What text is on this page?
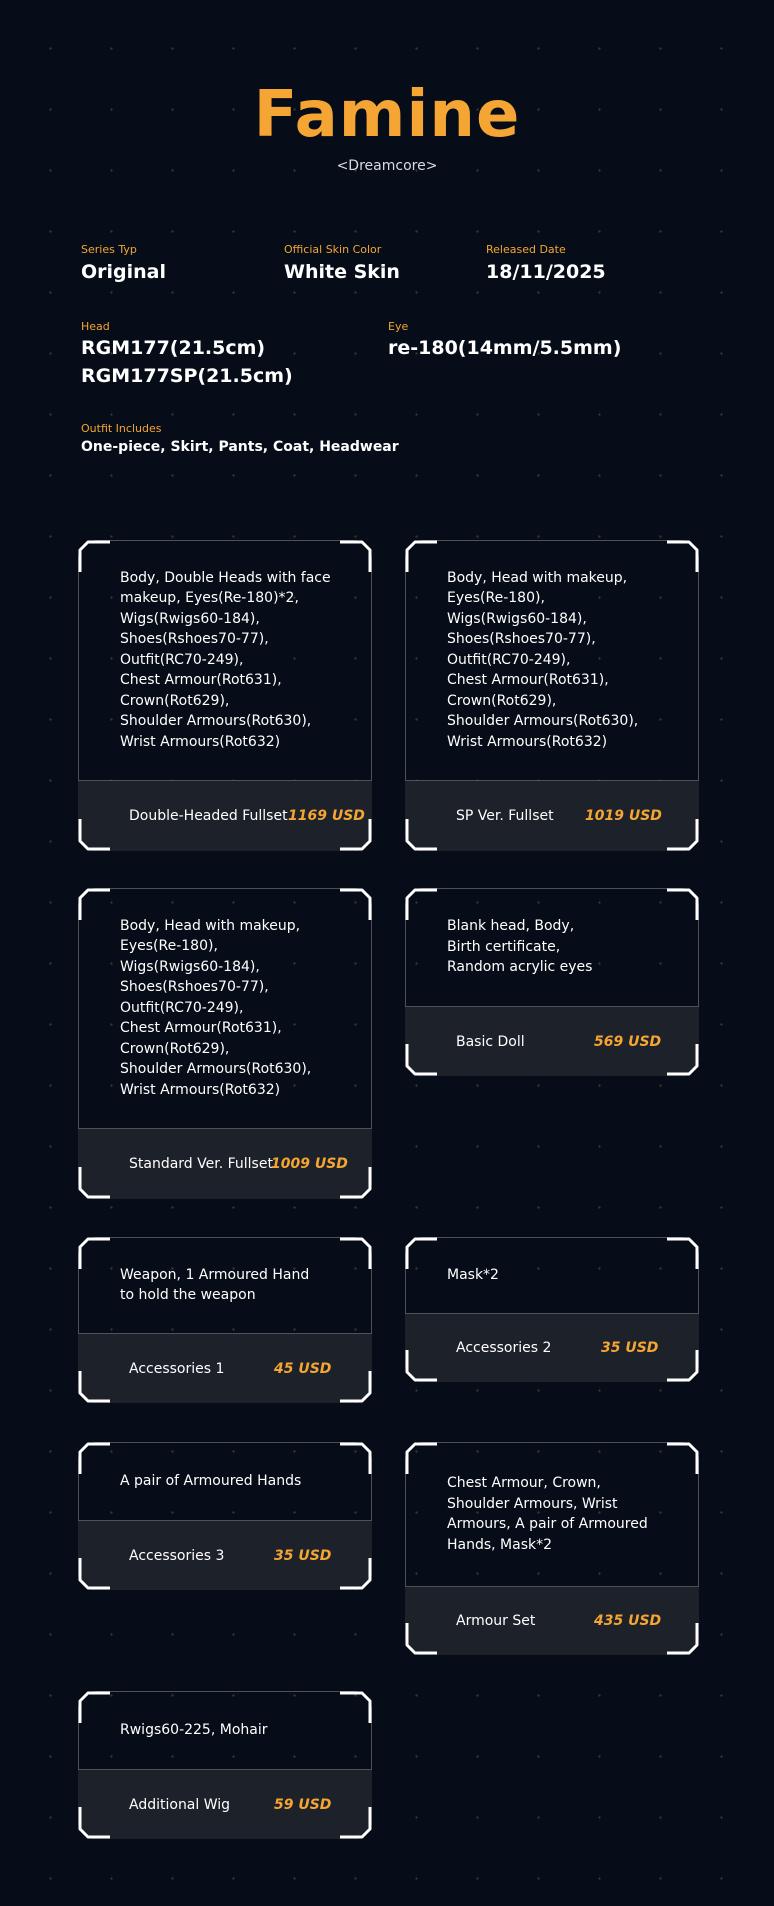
Famine
<Dreamcore>
Series Typ
Original
Official Skin Color
White Skin
Released Date
18/11/2025
Head
RGM177(21.5cm)
RGM177SP(21.5cm)
Eye
re-180(14mm/5.5mm)
Outfit Includes
One-piece, Skirt, Pants, Coat, Headwear
Body, Double Heads with face
makeup, Eyes(Re-180)*2,
Wigs(Rwigs60-184),
Shoes(Rshoes70-77),
Outfit(RC70-249),
Chest Armour(Rot631),
Crown(Rot629),
Shoulder Armours(Rot630),
Wrist Armours(Rot632)
Double-Headed Fullset 1169 USD
Body, Head with makeup,
Eyes(Re-180),
Wigs(Rwigs60-184),
Shoes(Rshoes70-77),
Outfit(RC70-249),
Chest Armour(Rot631),
Crown(Rot629),
Shoulder Armours(Rot630),
Wrist Armours(Rot632)
SP Ver. Fullset 1019 USD
Body, Head with makeup,
Eyes(Re-180),
Wigs(Rwigs60-184),
Shoes(Rshoes70-77),
Outfit(RC70-249),
Chest Armour(Rot631),
Crown(Rot629),
Shoulder Armours(Rot630),
Wrist Armours(Rot632)
Standard Ver. Fullset
1009 USD
Blank head, Body,
Birth certificate,
Random acrylic eyes
Basic Doll	569 USD
Weapon, 1 Armoured Hand
to hold the weapon
Accessories 1	45 USD
Mask*2
Accessories 2	35 USD
A pair of Armoured Hands
Accessories 3	35 USD
Chest Armour, Crown,
Shoulder Armours, Wrist
Armours, A pair of Armoured
Hands, Mask*2
Armour Set	435 USD
Rwigs60-225, Mohair
Additional Wig	59 USD
